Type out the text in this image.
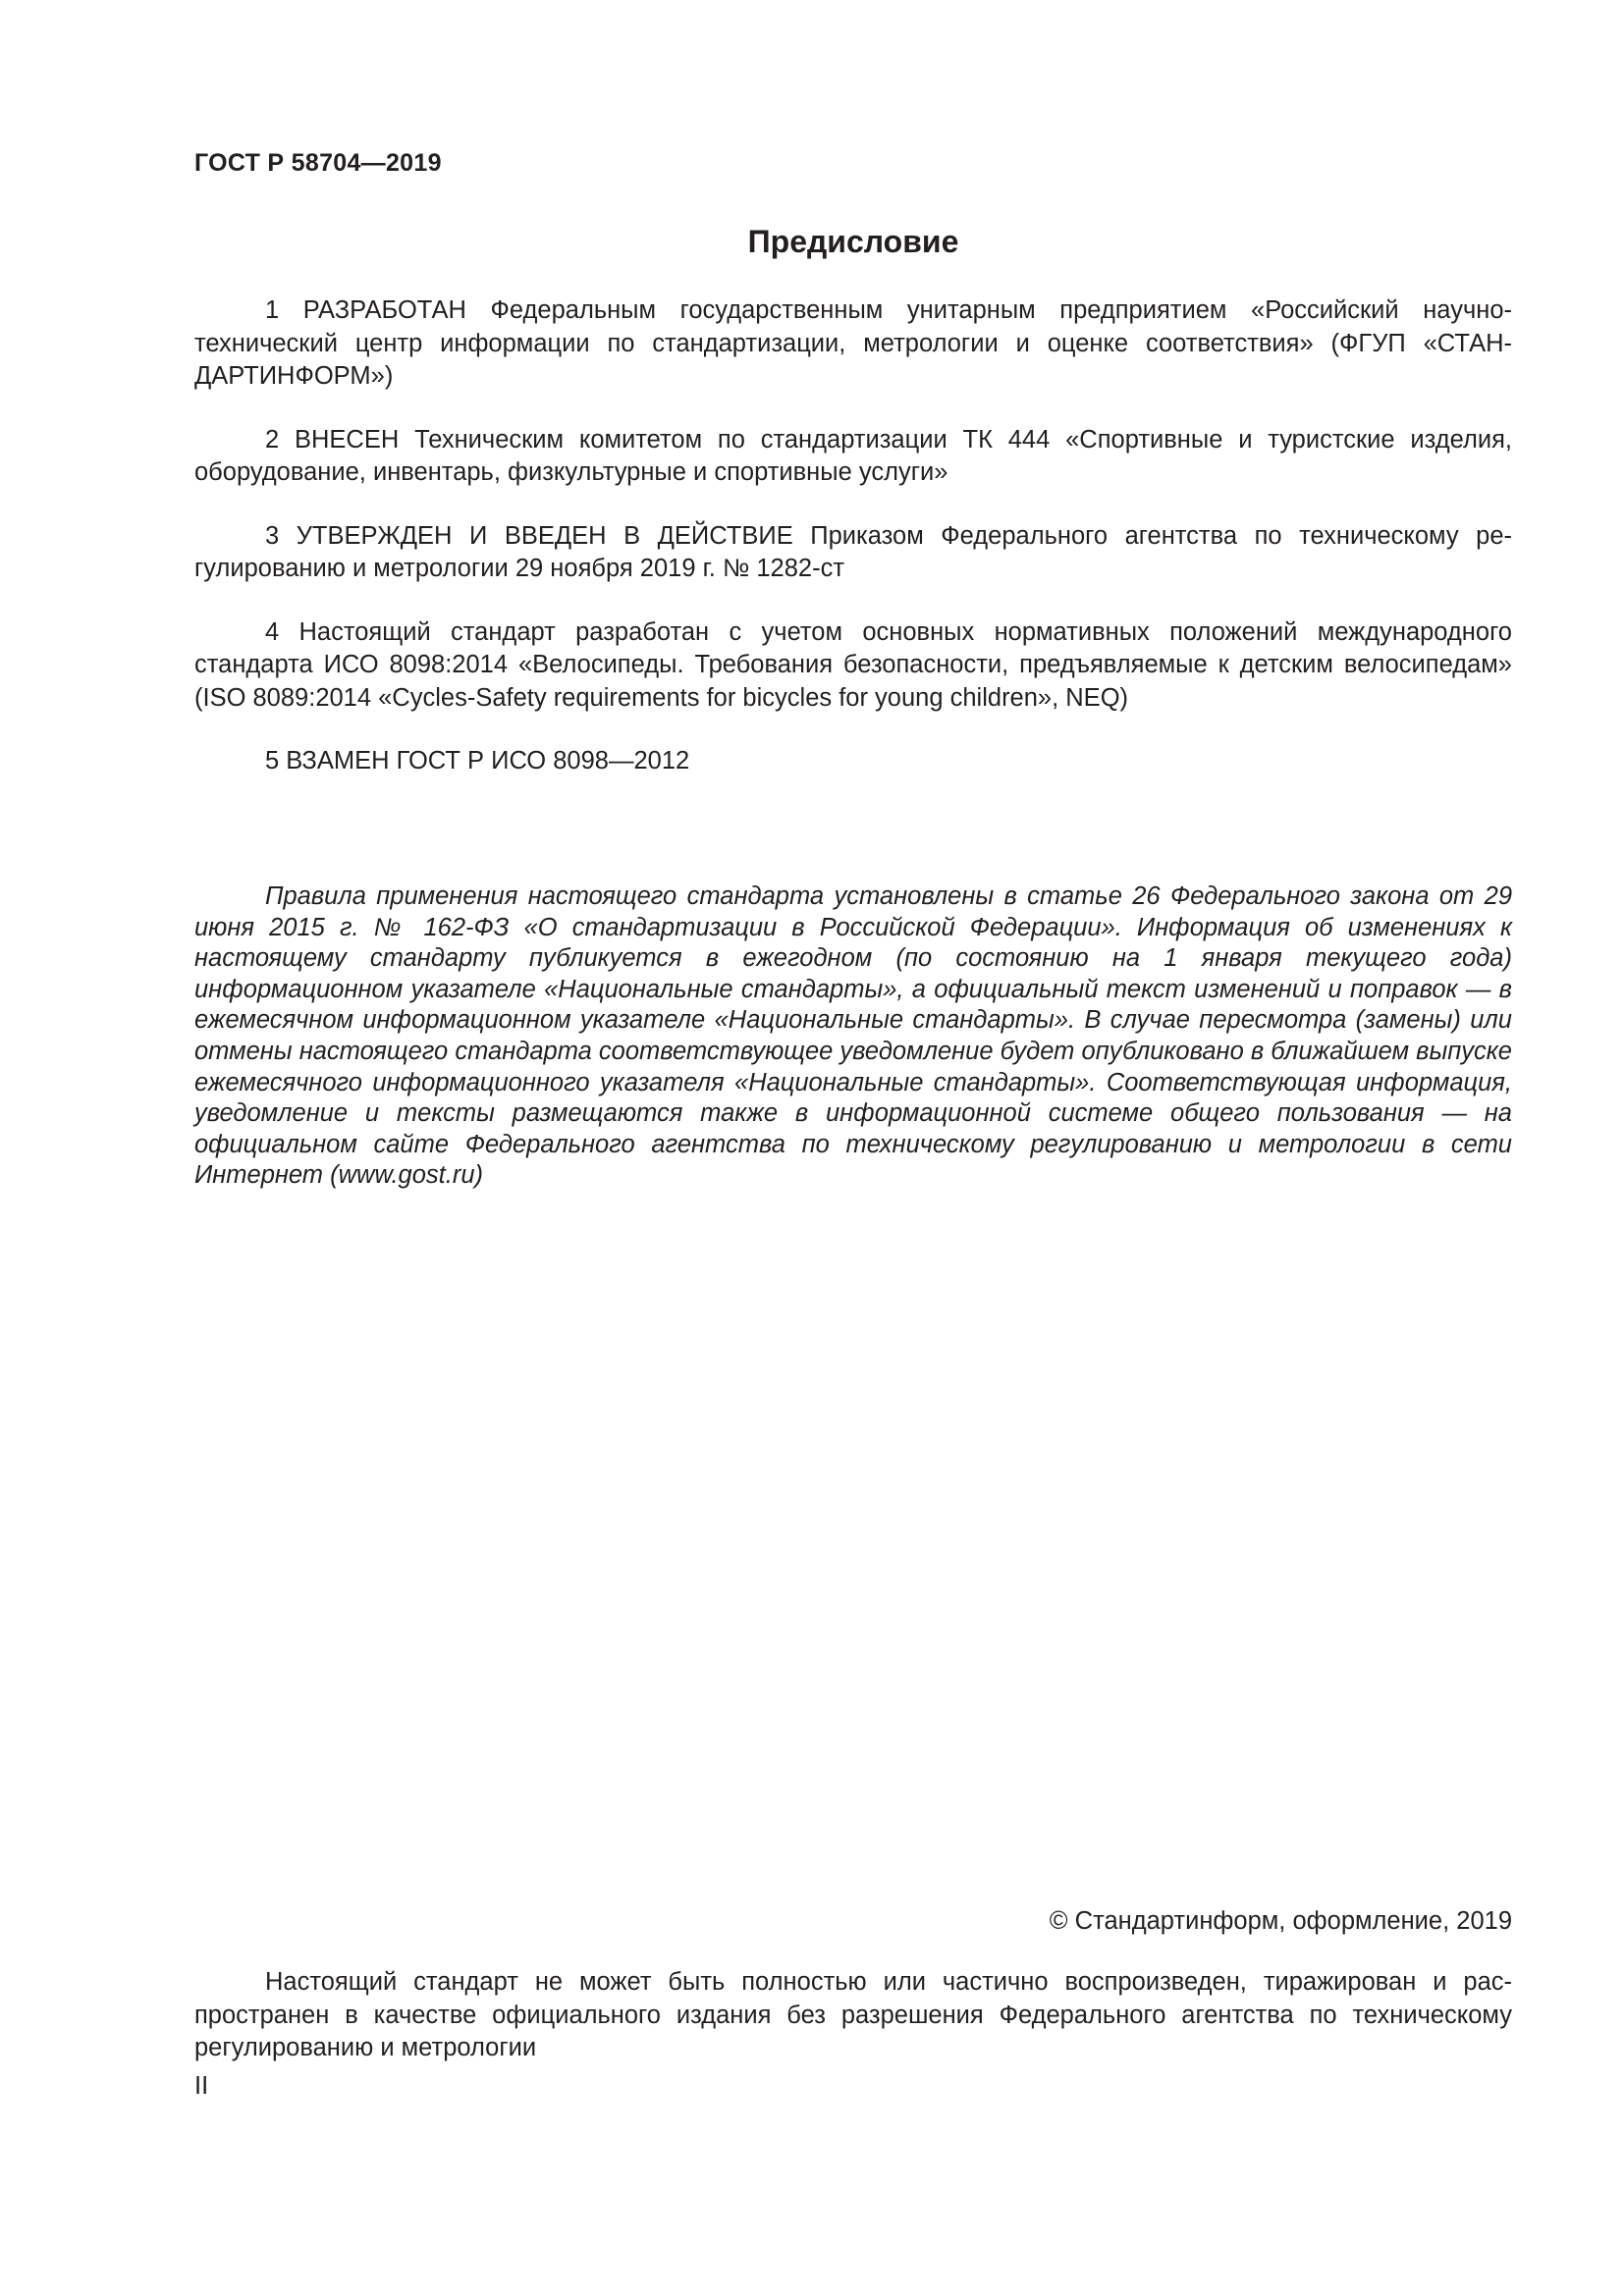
ГОСТ Р 58704—2019
Предисловие

1 РАЗРАБОТАН Федеральным государственным унитарным предприятием «Российский научно-технический центр информации по стандартизации, метрологии и оценке соответствия» (ФГУП «СТАНДАРТИНФОРМ»)

2 ВНЕСЕН Техническим комитетом по стандартизации ТК 444 «Спортивные и туристские изделия, оборудование, инвентарь, физкультурные и спортивные услуги»

3 УТВЕРЖДЕН И ВВЕДЕН В ДЕЙСТВИЕ Приказом Федерального агентства по техническому регулированию и метрологии 29 ноября 2019 г. № 1282-ст

4 Настоящий стандарт разработан с учетом основных нормативных положений международного стандарта ИСО 8098:2014 «Велосипеды. Требования безопасности, предъявляемые к детским велосипедам» (ISO 8089:2014 «Cycles-Safety requirements for bicycles for young children», NEQ)

5 ВЗАМЕН ГОСТ Р ИСО 8098—2012

Правила применения настоящего стандарта установлены в статье 26 Федерального закона от 29 июня 2015 г. № 162-ФЗ «О стандартизации в Российской Федерации». Информация об изменениях к настоящему стандарту публикуется в ежегодном (по состоянию на 1 января текущего года) информационном указателе «Национальные стандарты», а официальный текст изменений и поправок — в ежемесячном информационном указателе «Национальные стандарты». В случае пересмотра (замены) или отмены настоящего стандарта соответствующее уведомление будет опубликовано в ближайшем выпуске ежемесячного информационного указателя «Национальные стандарты». Соответствующая информация, уведомление и тексты размещаются также в информационной системе общего пользования — на официальном сайте Федерального агентства по техническому регулированию и метрологии в сети Интернет (www.gost.ru)

© Стандартинформ, оформление, 2019

Настоящий стандарт не может быть полностью или частично воспроизведен, тиражирован и распространен в качестве официального издания без разрешения Федерального агентства по техническому регулированию и метрологии

II
